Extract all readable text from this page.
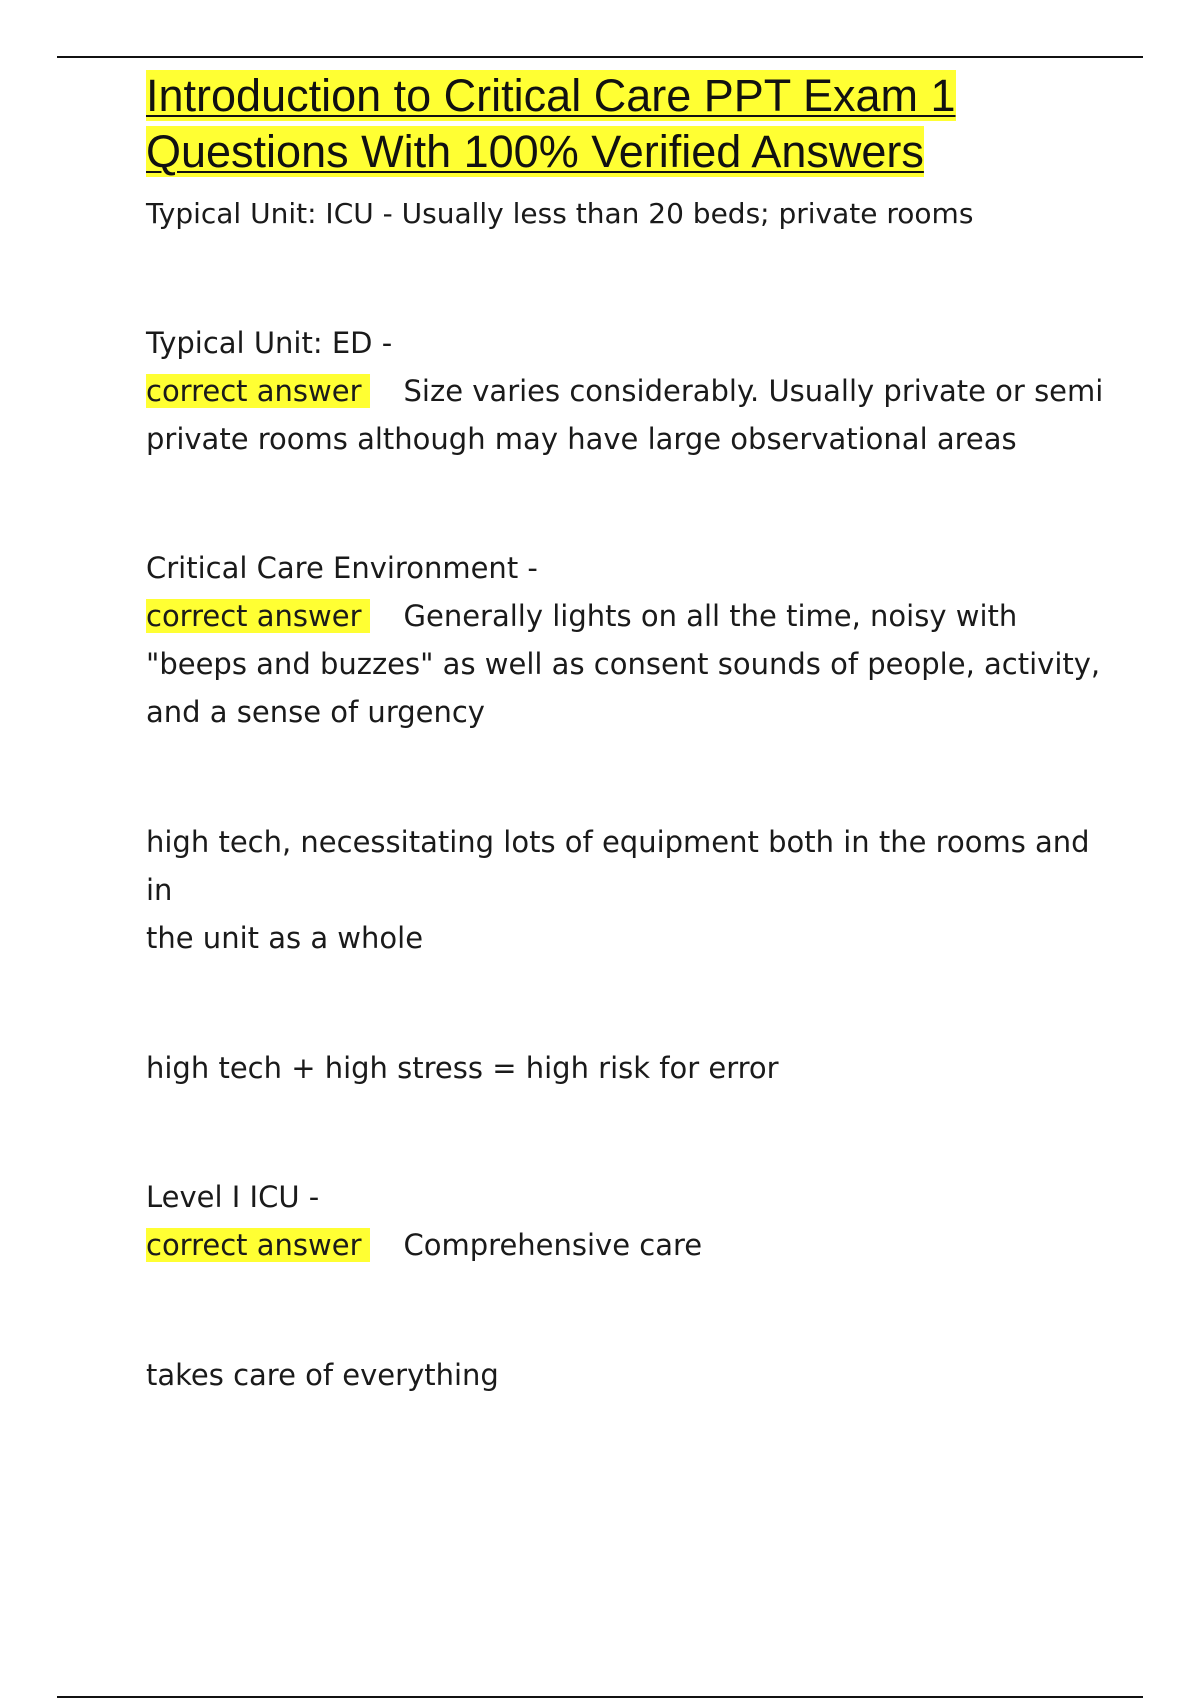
Introduction to Critical Care PPT Exam 1
Questions With 100% Verified Answers

Typical Unit: ICU - Usually less than 20 beds; private rooms

Typical Unit: ED -

correct answer Size varies considerably. Usually private or semi

private rooms although may have large observational areas

Critical Care Environment -

correct answer Generally lights on all the time, noisy with

"beeps and buzzes" as well as consent sounds of people, activity,

and a sense of urgency

high tech, necessitating lots of equipment both in the rooms and in

the unit as a whole

high tech + high stress = high risk for error

Level I ICU -

correct answer Comprehensive care

takes care of everything
